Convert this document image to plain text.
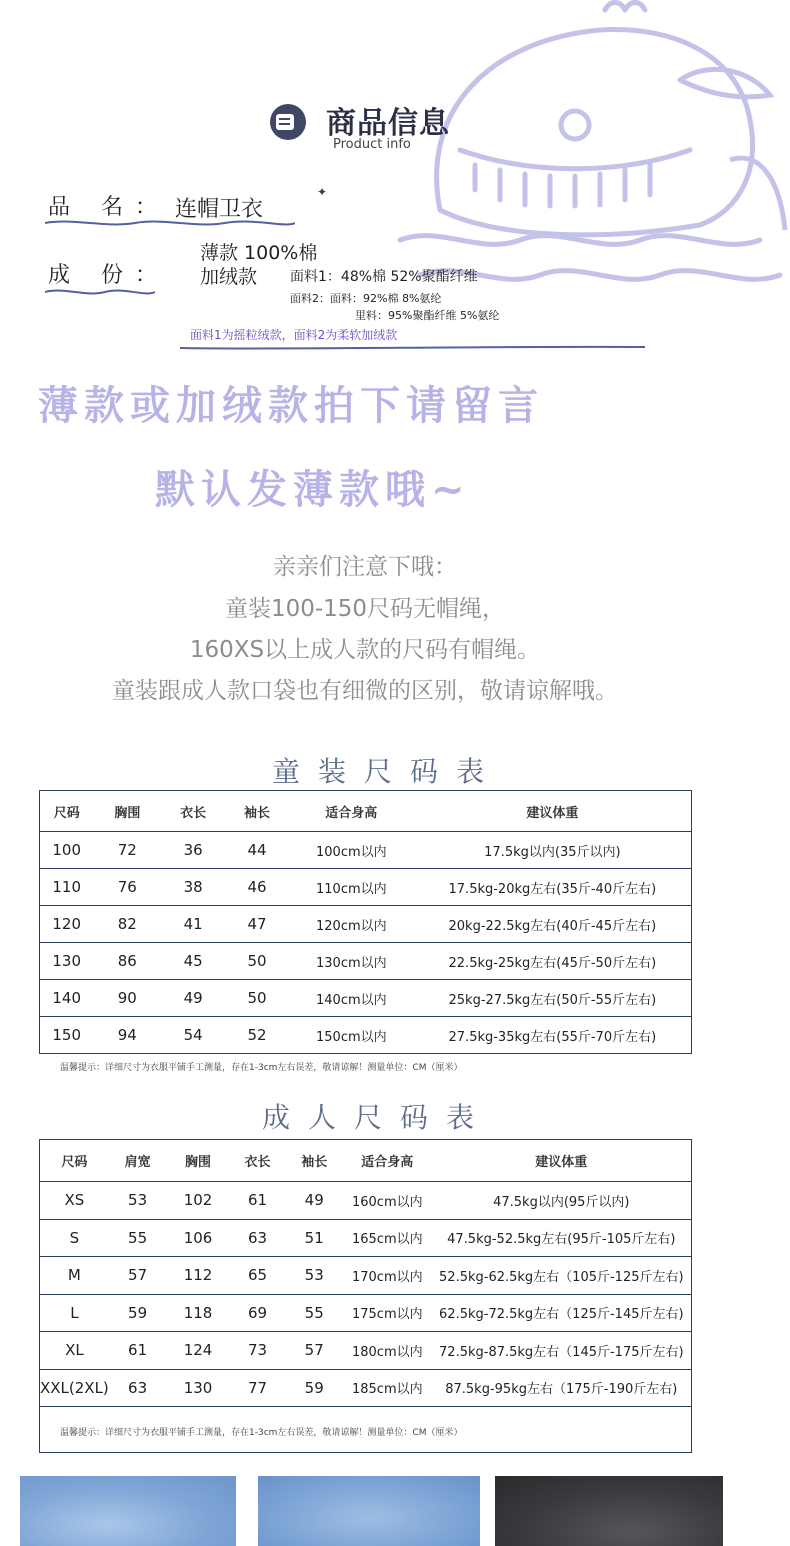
商品信息
Product info
✦
品 名： 连帽卫衣
成 份：
薄款 100%棉
加绒款 面料1：48%棉 52%聚酯纤维
面料2：面料：92%棉 8%氨纶
里料：95%聚酯纤维 5%氨纶
面料1为摇粒绒款，面料2为柔软加绒款
薄款或加绒款拍下请留言
默认发薄款哦~
亲亲们注意下哦：
童装100-150尺码无帽绳，
160XS以上成人款的尺码有帽绳。
童装跟成人款口袋也有细微的区别，敬请谅解哦。
童装尺码表
尺码	胸围	衣长	袖长	适合身高	建议体重
100	72	36	44	100cm以内	17.5kg以内(35斤以内)
110	76	38	46	110cm以内	17.5kg-20kg左右(35斤-40斤左右)
120	82	41	47	120cm以内	20kg-22.5kg左右(40斤-45斤左右)
130	86	45	50	130cm以内	22.5kg-25kg左右(45斤-50斤左右)
140	90	49	50	140cm以内	25kg-27.5kg左右(50斤-55斤左右)
150	94	54	52	150cm以内	27.5kg-35kg左右(55斤-70斤左右)
温馨提示：详细尺寸为衣服平铺手工测量，存在1-3cm左右误差，敬请谅解！测量单位：CM（厘米）
成人尺码表
尺码	肩宽	胸围	衣长	袖长	适合身高	建议体重
XS	53	102	61	49	160cm以内	47.5kg以内(95斤以内)
S	55	106	63	51	165cm以内	47.5kg-52.5kg左右(95斤-105斤左右)
M	57	112	65	53	170cm以内	52.5kg-62.5kg左右（105斤-125斤左右)
L	59	118	69	55	175cm以内	62.5kg-72.5kg左右（125斤-145斤左右)
XL	61	124	73	57	180cm以内	72.5kg-87.5kg左右（145斤-175斤左右)
XXL(2XL)	63	130	77	59	185cm以内	87.5kg-95kg左右（175斤-190斤左右)
温馨提示：详细尺寸为衣服平铺手工测量，存在1-3cm左右误差，敬请谅解！测量单位：CM（厘米）						
